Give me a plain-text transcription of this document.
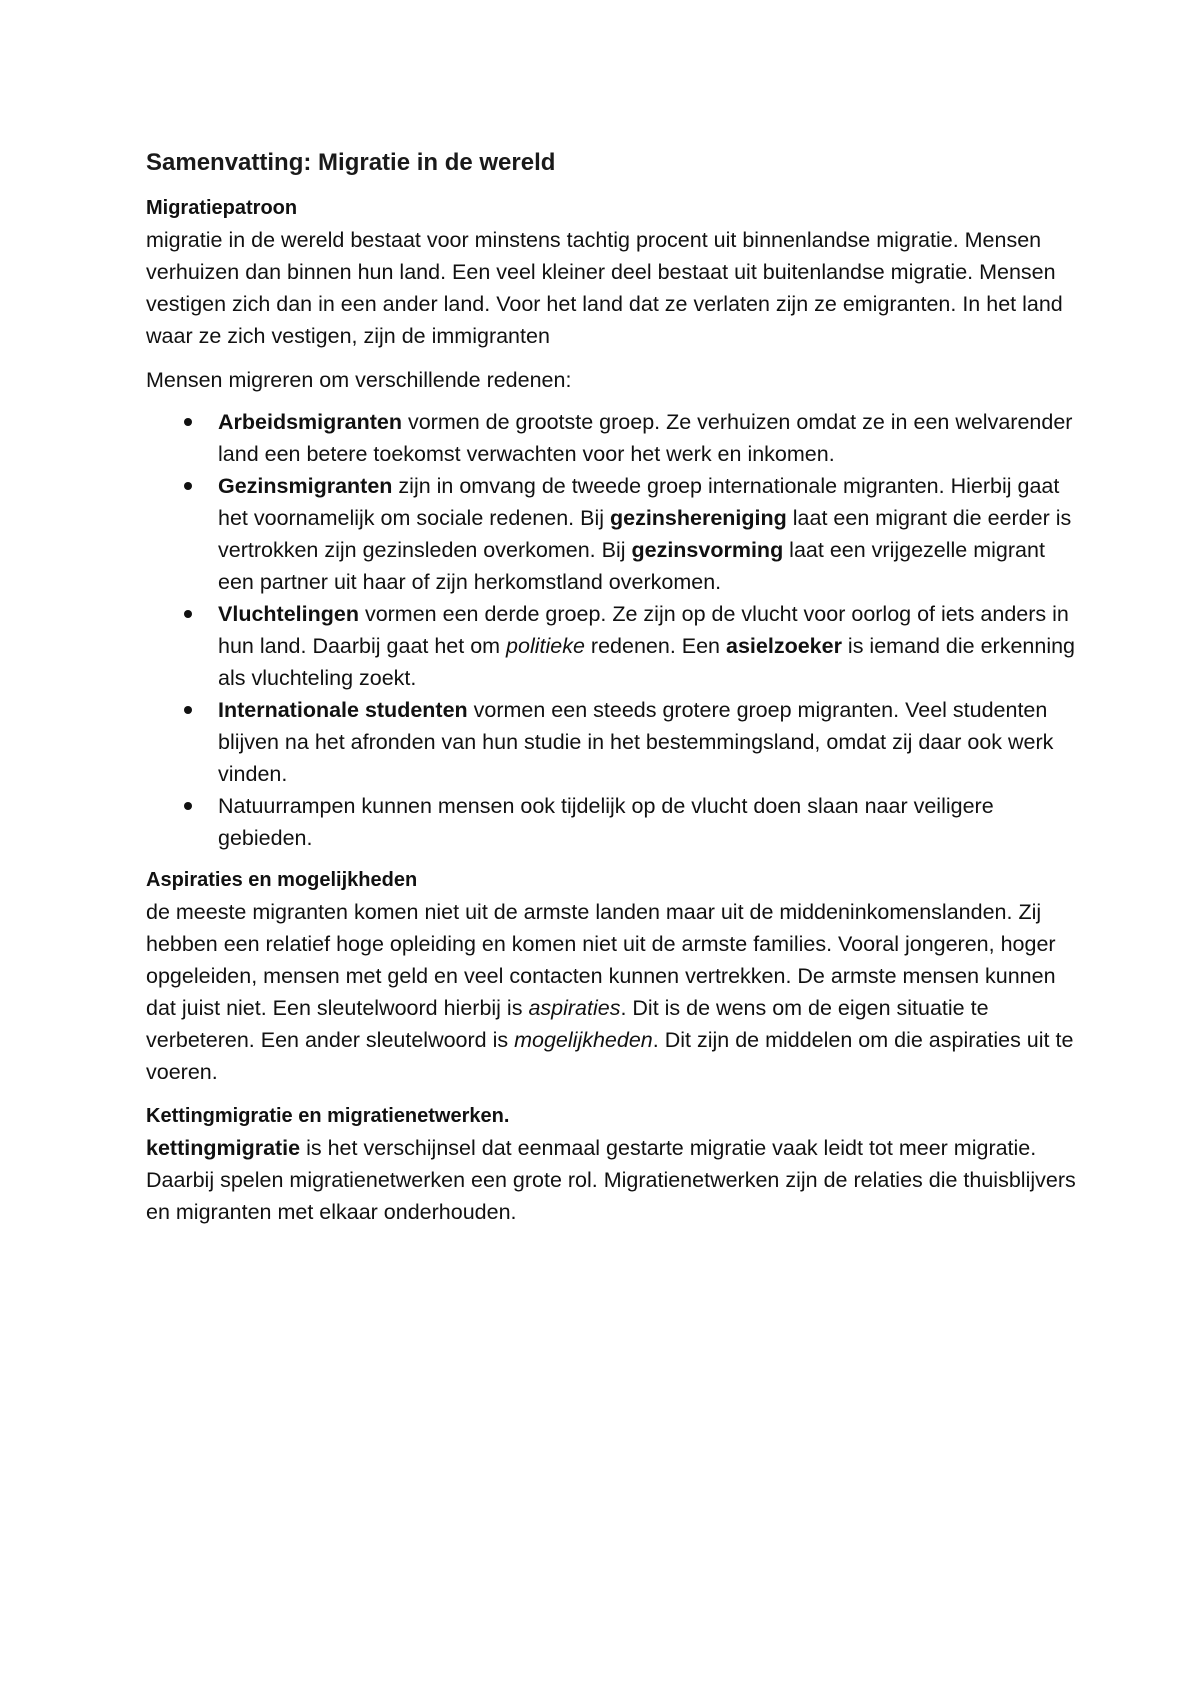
Samenvatting: Migratie in de wereld
Migratiepatroon

migratie in de wereld bestaat voor minstens tachtig procent uit binnenlandse migratie. Mensen verhuizen dan binnen hun land. Een veel kleiner deel bestaat uit buitenlandse migratie. Mensen vestigen zich dan in een ander land. Voor het land dat ze verlaten zijn ze emigranten. In het land waar ze zich vestigen, zijn de immigranten

Mensen migreren om verschillende redenen:

Arbeidsmigranten vormen de grootste groep. Ze verhuizen omdat ze in een welvarender land een betere toekomst verwachten voor het werk en inkomen.
Gezinsmigranten zijn in omvang de tweede groep internationale migranten. Hierbij gaat het voornamelijk om sociale redenen. Bij gezinshereniging laat een migrant die eerder is vertrokken zijn gezinsleden overkomen. Bij gezinsvorming laat een vrijgezelle migrant een partner uit haar of zijn herkomstland overkomen.
Vluchtelingen vormen een derde groep. Ze zijn op de vlucht voor oorlog of iets anders in hun land. Daarbij gaat het om politieke redenen. Een asielzoeker is iemand die erkenning als vluchteling zoekt.
Internationale studenten vormen een steeds grotere groep migranten. Veel studenten blijven na het afronden van hun studie in het bestemmingsland, omdat zij daar ook werk vinden.
Natuurrampen kunnen mensen ook tijdelijk op de vlucht doen slaan naar veiligere gebieden.
Aspiraties en mogelijkheden

de meeste migranten komen niet uit de armste landen maar uit de middeninkomenslanden. Zij hebben een relatief hoge opleiding en komen niet uit de armste families. Vooral jongeren, hoger opgeleiden, mensen met geld en veel contacten kunnen vertrekken. De armste mensen kunnen dat juist niet. Een sleutelwoord hierbij is aspiraties. Dit is de wens om de eigen situatie te verbeteren. Een ander sleutelwoord is mogelijkheden. Dit zijn de middelen om die aspiraties uit te voeren.

Kettingmigratie en migratienetwerken.

kettingmigratie is het verschijnsel dat eenmaal gestarte migratie vaak leidt tot meer migratie. Daarbij spelen migratienetwerken een grote rol. Migratienetwerken zijn de relaties die thuisblijvers en migranten met elkaar onderhouden.
